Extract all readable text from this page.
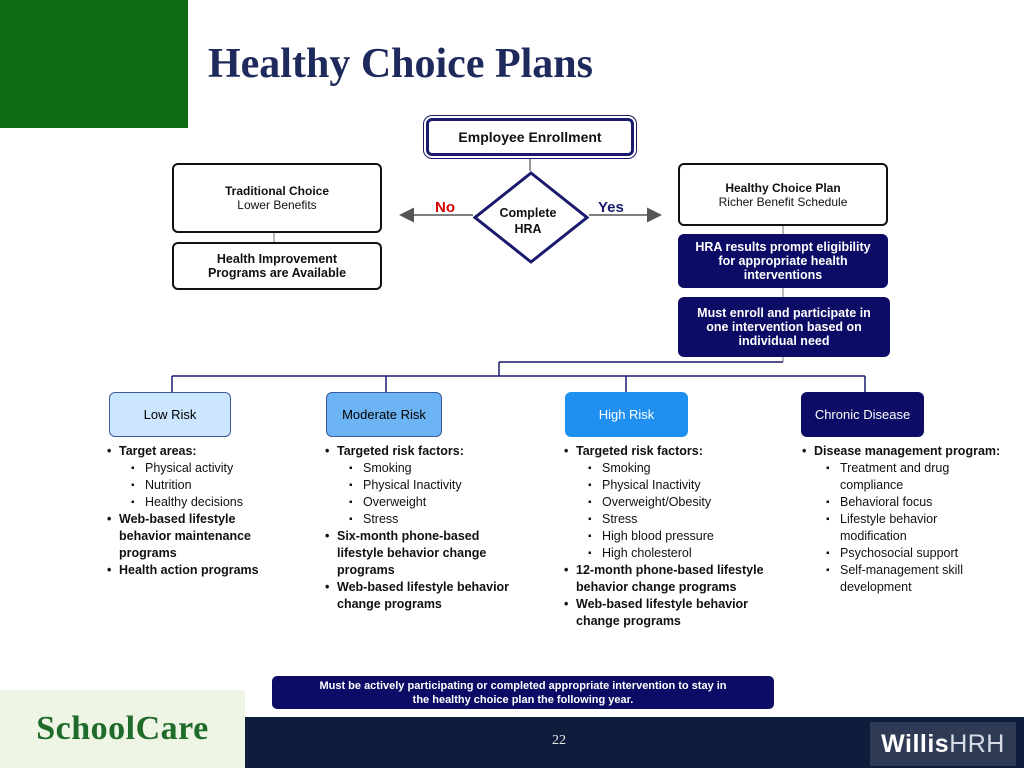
Healthy Choice Plans
Employee Enrollment
Complete
HRA
No	Yes
Traditional Choice
Lower Benefits
Health Improvement
Programs are Available
Healthy Choice Plan
Richer Benefit Schedule
HRA results prompt eligibility
for appropriate health
interventions
Must enroll and participate in
one intervention based on
individual need
Low Risk	Moderate Risk	High Risk	Chronic Disease
• Target areas:
▪ Physical activity
▪ Nutrition
▪ Healthy decisions
• Web-based lifestyle behavior maintenance programs
• Health action programs
• Targeted risk factors:
▪ Smoking
▪ Physical Inactivity
▪ Overweight
▪ Stress
• Six-month phone-based lifestyle behavior change programs
• Web-based lifestyle behavior change programs
• Targeted risk factors:
▪ Smoking
▪ Physical Inactivity
▪ Overweight/Obesity
▪ Stress
▪ High blood pressure
▪ High cholesterol
• 12-month phone-based lifestyle behavior change programs
• Web-based lifestyle behavior change programs
• Disease management program:
▪ Treatment and drug compliance
▪ Behavioral focus
▪ Lifestyle behavior modification
▪ Psychosocial support
▪ Self-management skill development
Must be actively participating or completed appropriate intervention to stay in
the healthy choice plan the following year.
SchoolCare	22	Willis HRH
